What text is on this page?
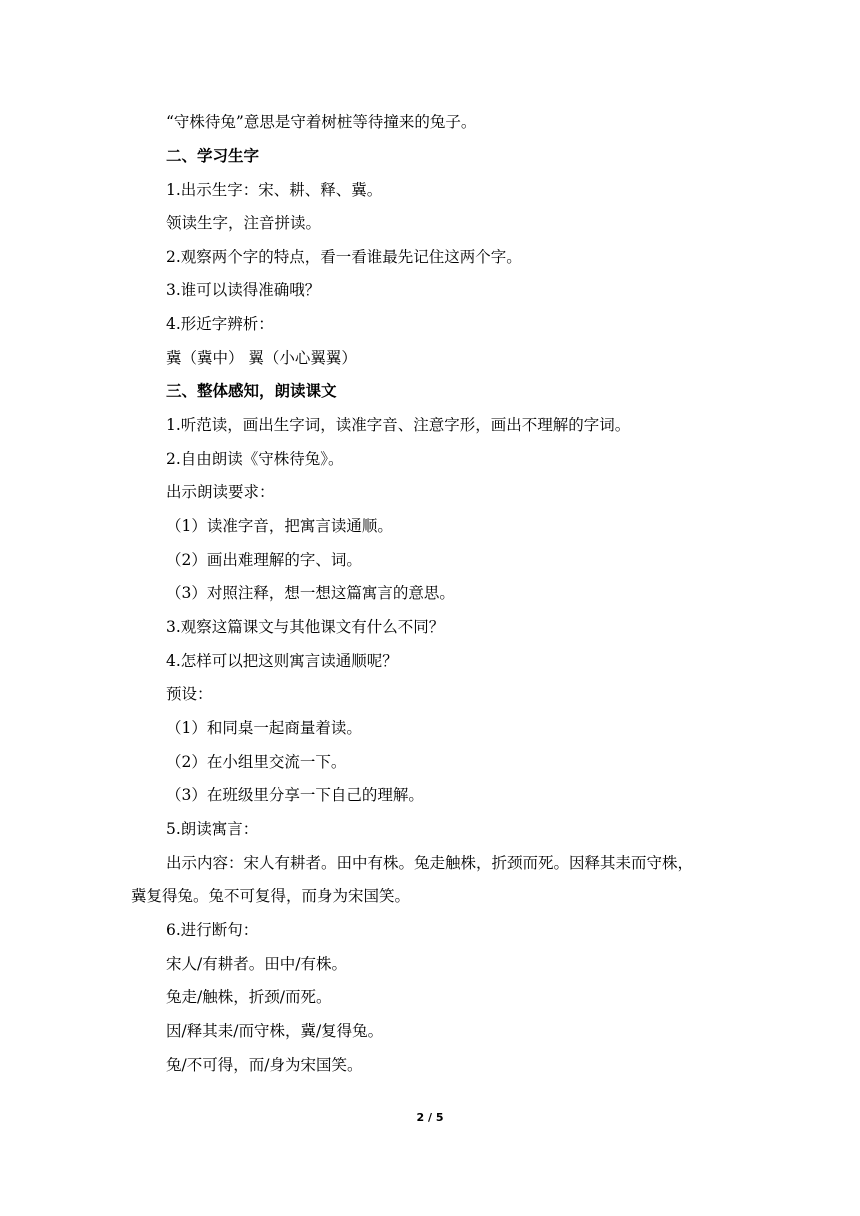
“守株待兔”意思是守着树桩等待撞来的兔子。
二、学习生字
1.出示生字：宋、耕、释、冀。
领读生字，注音拼读。
2.观察两个字的特点，看一看谁最先记住这两个字。
3.谁可以读得准确哦？
4.形近字辨析：
冀（冀中） 翼（小心翼翼）
三、整体感知，朗读课文
1.听范读，画出生字词，读准字音、注意字形，画出不理解的字词。
2.自由朗读《守株待兔》。
出示朗读要求：
（1）读准字音，把寓言读通顺。
（2）画出难理解的字、词。
（3）对照注释，想一想这篇寓言的意思。
3.观察这篇课文与其他课文有什么不同？
4.怎样可以把这则寓言读通顺呢？
预设：
（1）和同桌一起商量着读。
（2）在小组里交流一下。
（3）在班级里分享一下自己的理解。
5.朗读寓言：
出示内容：宋人有耕者。田中有株。兔走触株，折颈而死。因释其耒而守株，
冀复得兔。兔不可复得，而身为宋国笑。
6.进行断句：
宋人/有耕者。田中/有株。
兔走/触株，折颈/而死。
因/释其耒/而守株，冀/复得兔。
兔/不可得，而/身为宋国笑。
2 / 5
